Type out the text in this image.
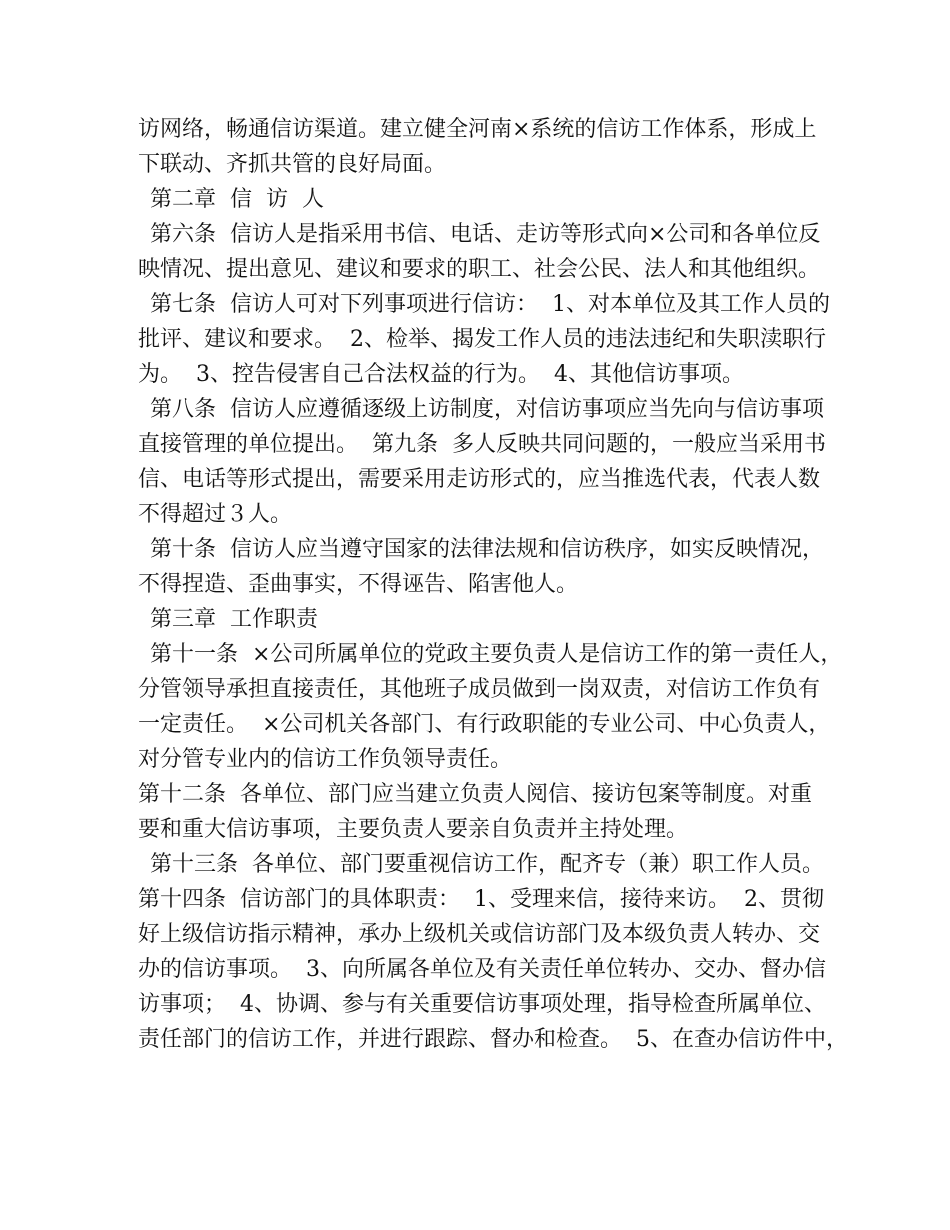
访网络，畅通信访渠道。建立健全河南×系统的信访工作体系，形成上
下联动、齐抓共管的良好局面。
第二章  信  访  人
第六条  信访人是指采用书信、电话、走访等形式向×公司和各单位反
映情况、提出意见、建议和要求的职工、社会公民、法人和其他组织。
第七条  信访人可对下列事项进行信访：  1、对本单位及其工作人员的
批评、建议和要求。  2、检举、揭发工作人员的违法违纪和失职渎职行
为。  3、控告侵害自己合法权益的行为。  4、其他信访事项。
第八条  信访人应遵循逐级上访制度，对信访事项应当先向与信访事项
直接管理的单位提出。  第九条  多人反映共同问题的，一般应当采用书
信、电话等形式提出，需要采用走访形式的，应当推选代表，代表人数
不得超过３人。
第十条  信访人应当遵守国家的法律法规和信访秩序，如实反映情况，
不得捏造、歪曲事实，不得诬告、陷害他人。
第三章  工作职责
第十一条  ×公司所属单位的党政主要负责人是信访工作的第一责任人，
分管领导承担直接责任，其他班子成员做到一岗双责，对信访工作负有
一定责任。  ×公司机关各部门、有行政职能的专业公司、中心负责人，
对分管专业内的信访工作负领导责任。
第十二条  各单位、部门应当建立负责人阅信、接访包案等制度。对重
要和重大信访事项，主要负责人要亲自负责并主持处理。
第十三条  各单位、部门要重视信访工作，配齐专（兼）职工作人员。
第十四条  信访部门的具体职责：  1、受理来信，接待来访。  2、贯彻
好上级信访指示精神，承办上级机关或信访部门及本级负责人转办、交
办的信访事项。  3、向所属各单位及有关责任单位转办、交办、督办信
访事项；  4、协调、参与有关重要信访事项处理，指导检查所属单位、
责任部门的信访工作，并进行跟踪、督办和检查。  5、在查办信访件中，
